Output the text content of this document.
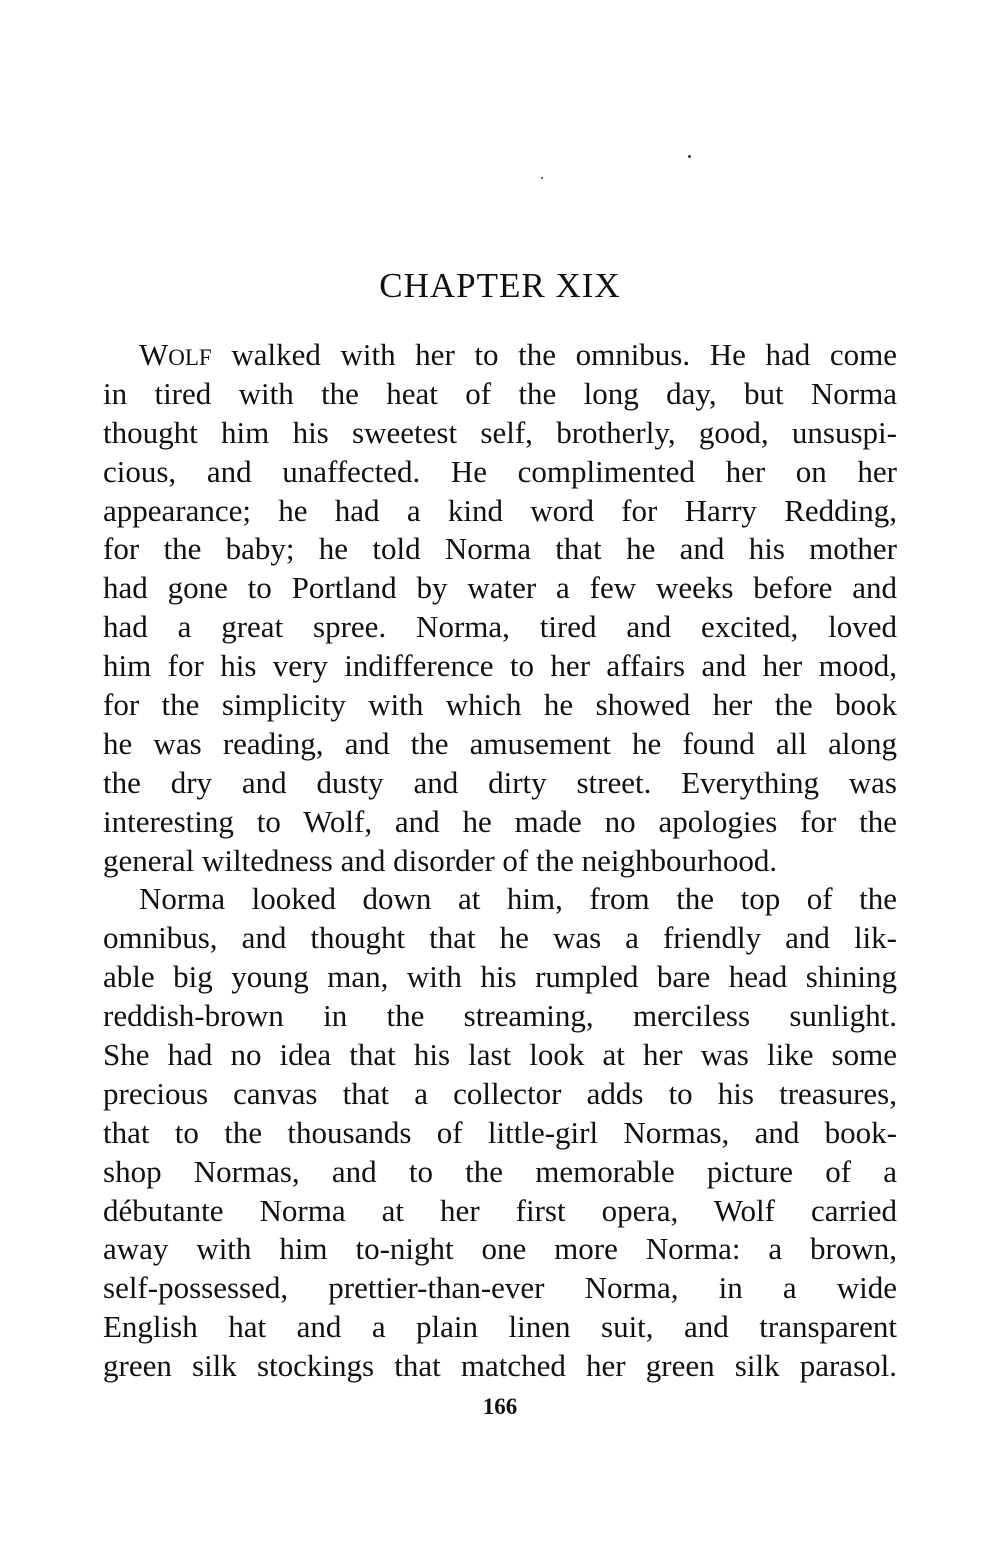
CHAPTER XIX
WOLF walked with her to the omnibus. He had come
in tired with the heat of the long day, but Norma
thought him his sweetest self, brotherly, good, unsuspi-
cious, and unaffected. He complimented her on her
appearance; he had a kind word for Harry Redding,
for the baby; he told Norma that he and his mother
had gone to Portland by water a few weeks before and
had a great spree. Norma, tired and excited, loved
him for his very indifference to her affairs and her mood,
for the simplicity with which he showed her the book
he was reading, and the amusement he found all along
the dry and dusty and dirty street. Everything was
interesting to Wolf, and he made no apologies for the
general wiltedness and disorder of the neighbourhood.
Norma looked down at him, from the top of the
omnibus, and thought that he was a friendly and lik-
able big young man, with his rumpled bare head shining
reddish-brown in the streaming, merciless sunlight.
She had no idea that his last look at her was like some
precious canvas that a collector adds to his treasures,
that to the thousands of little-girl Normas, and book-
shop Normas, and to the memorable picture of a
débutante Norma at her first opera, Wolf carried
away with him to-night one more Norma: a brown,
self-possessed, prettier-than-ever Norma, in a wide
English hat and a plain linen suit, and transparent
green silk stockings that matched her green silk parasol.
166
